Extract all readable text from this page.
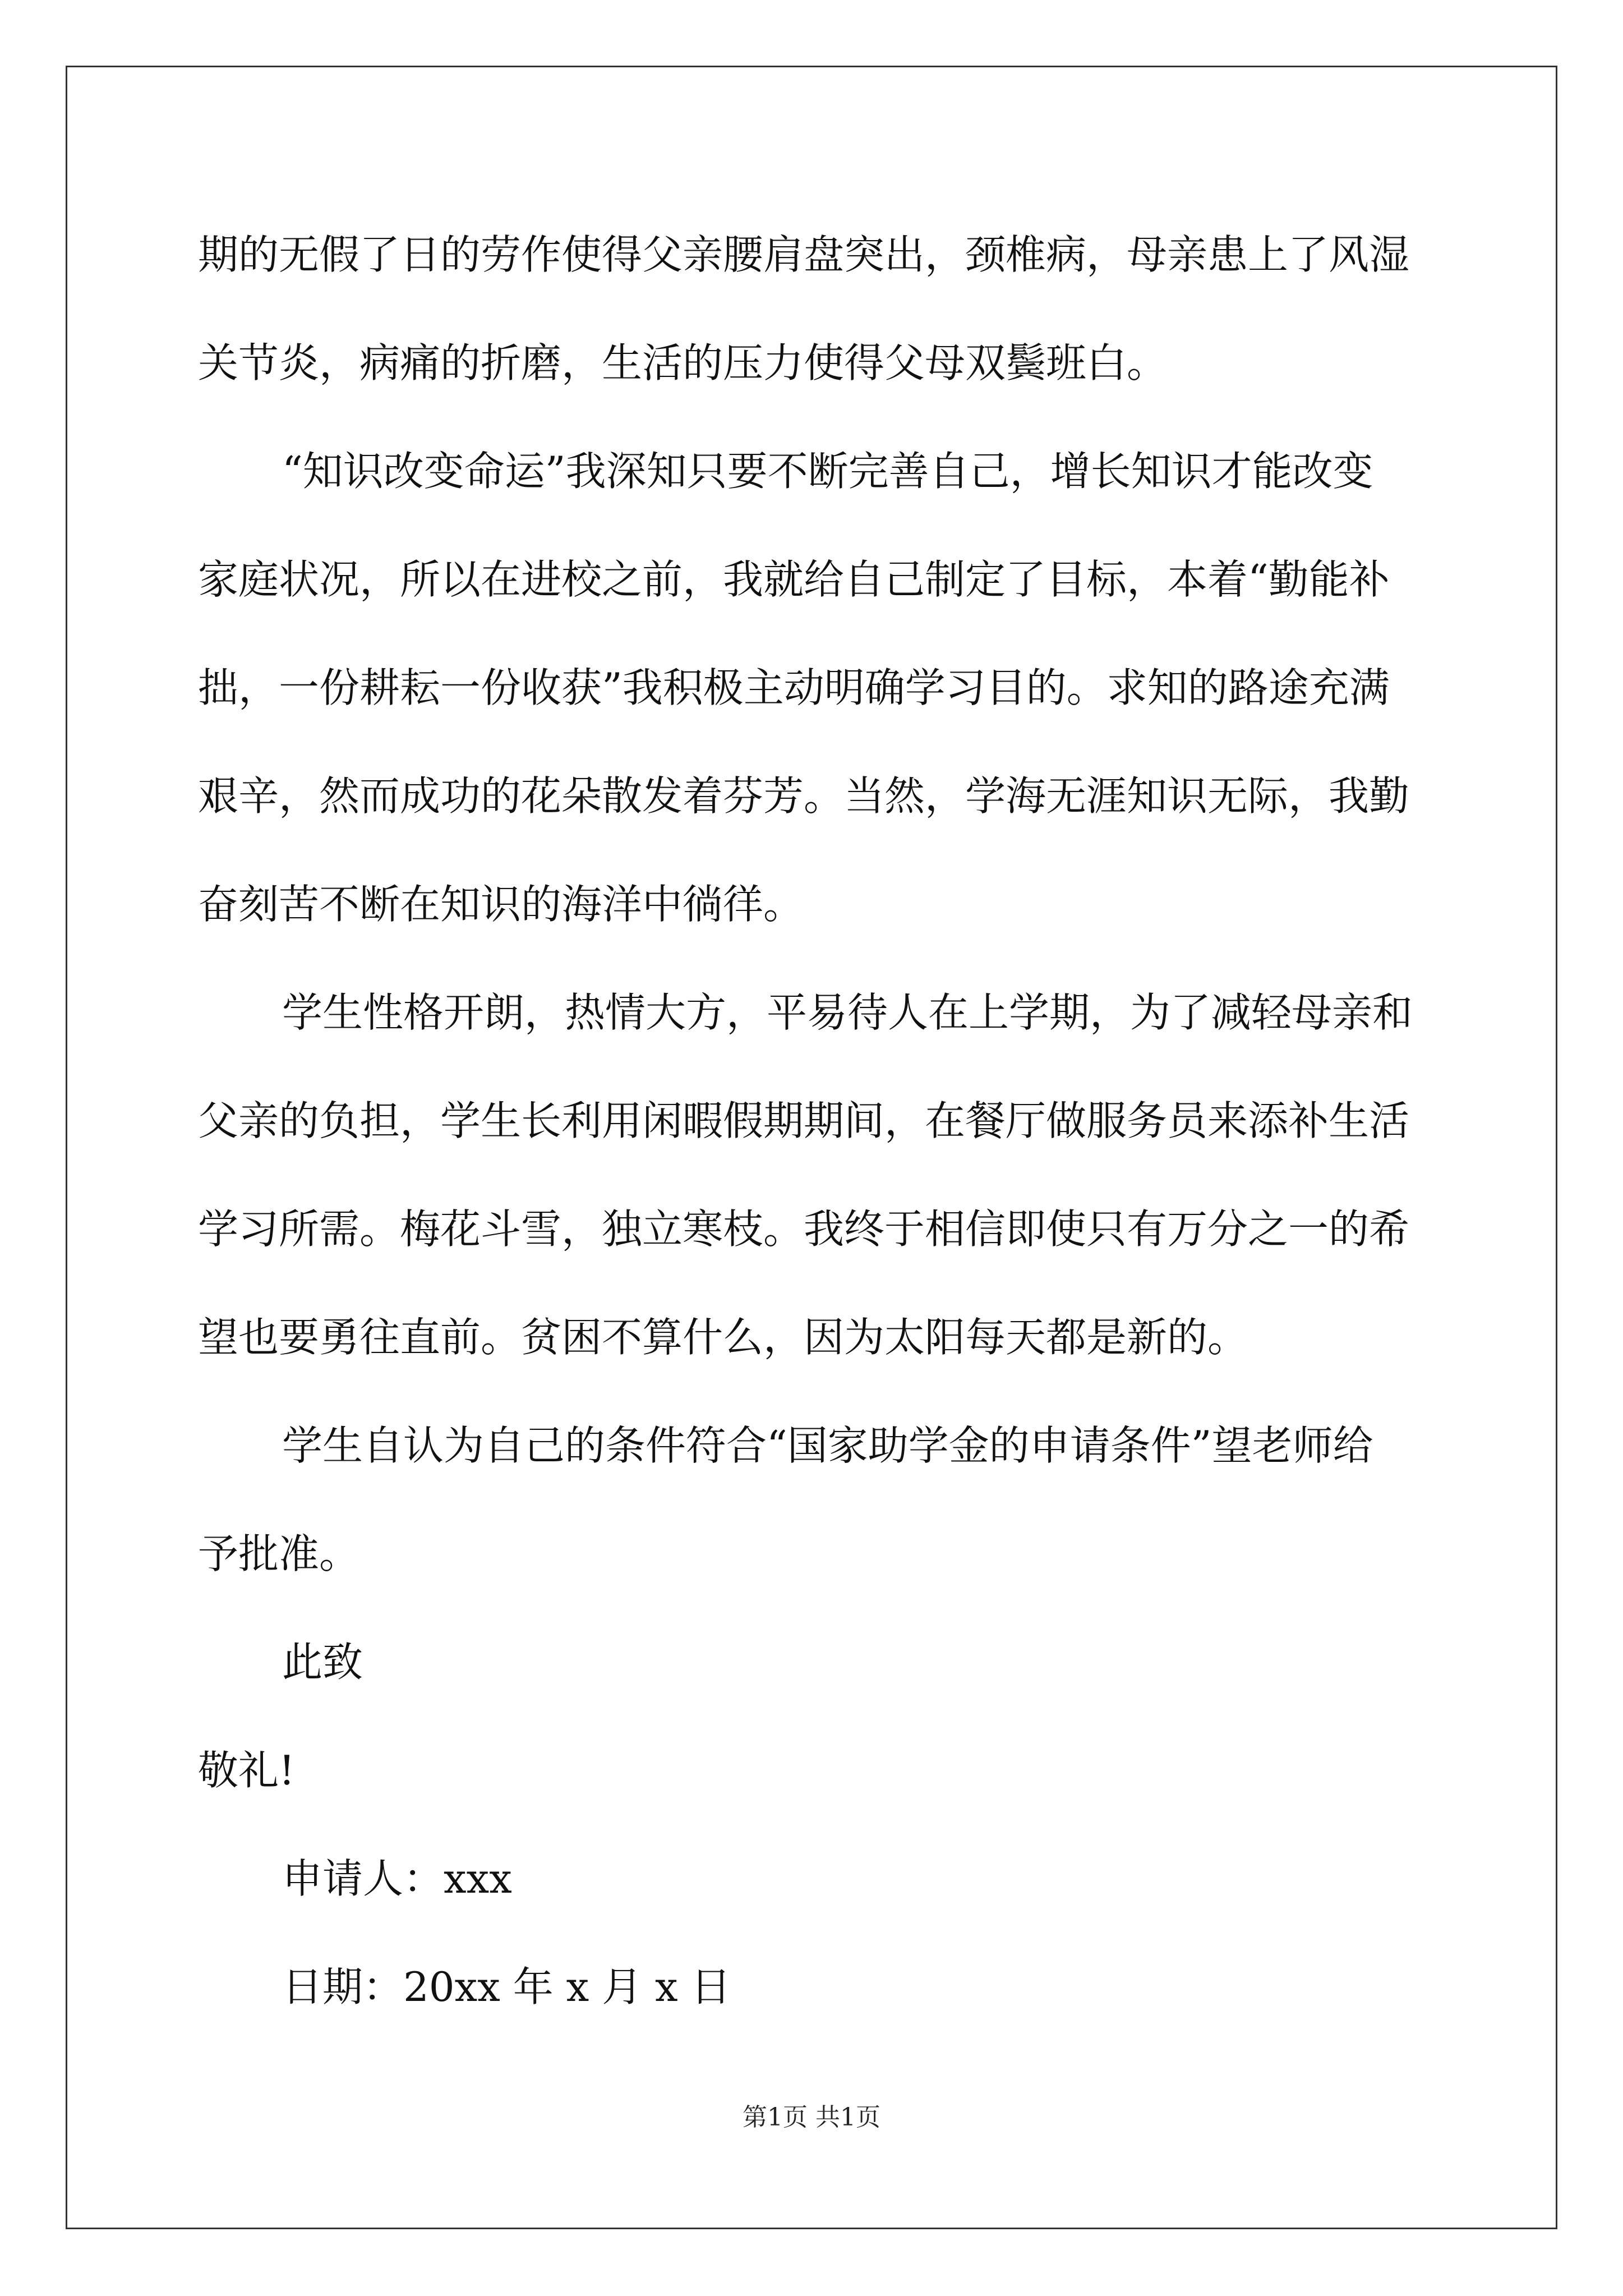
期的无假了日的劳作使得父亲腰肩盘突出，颈椎病，母亲患上了风湿
关节炎，病痛的折磨，生活的压力使得父母双鬓班白。
“知识改变命运”我深知只要不断完善自己，增长知识才能改变
家庭状况，所以在进校之前，我就给自己制定了目标，本着“勤能补
拙，一份耕耘一份收获”我积极主动明确学习目的。求知的路途充满
艰辛，然而成功的花朵散发着芬芳。当然，学海无涯知识无际，我勤
奋刻苦不断在知识的海洋中徜徉。
学生性格开朗，热情大方，平易待人在上学期，为了减轻母亲和
父亲的负担，学生长利用闲暇假期期间，在餐厅做服务员来添补生活
学习所需。梅花斗雪，独立寒枝。我终于相信即使只有万分之一的希
望也要勇往直前。贫困不算什么，因为太阳每天都是新的。
学生自认为自己的条件符合“国家助学金的申请条件”望老师给
予批准。
此致
敬礼!
申请人：xxx
日期：20xx 年 x 月 x 日
第1页 共1页
